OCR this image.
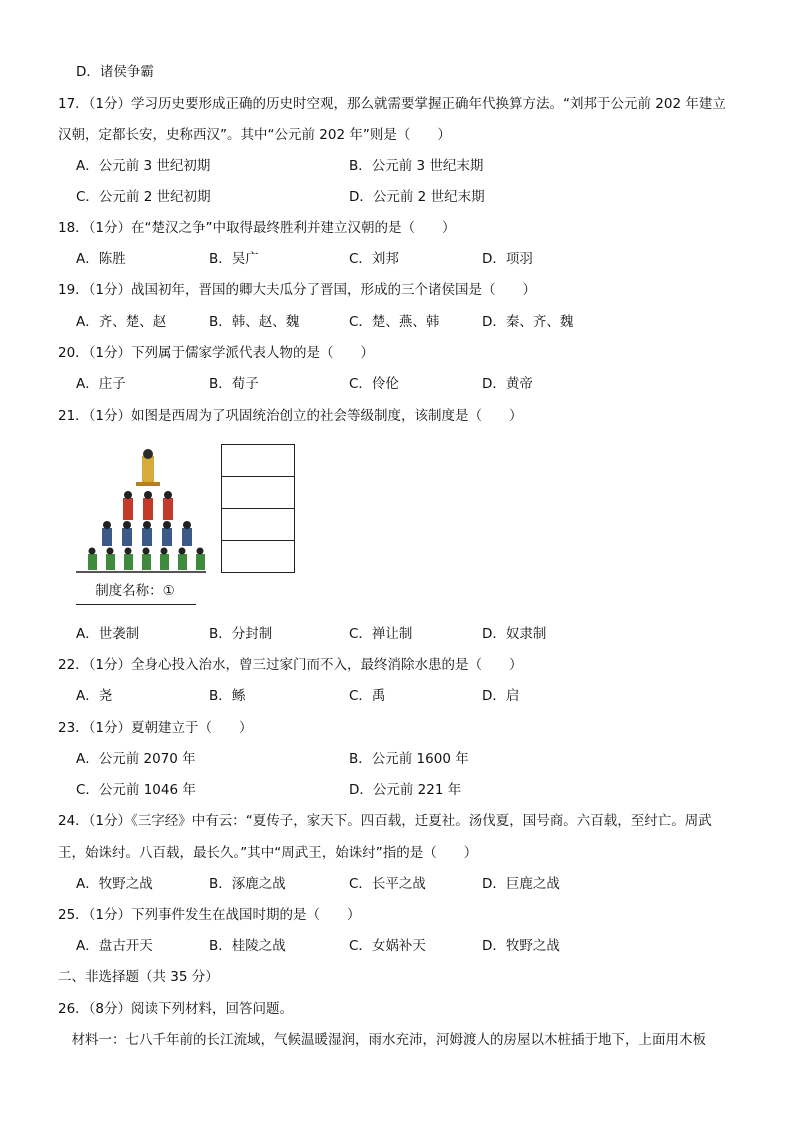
D．诸侯争霸
17．（1分）学习历史要形成正确的历史时空观，那么就需要掌握正确年代换算方法。“刘邦于公元前 202 年建立
汉朝，定都长安，史称西汉”。其中“公元前 202 年”则是（　　）
A．公元前 3 世纪初期	B．公元前 3 世纪末期
C．公元前 2 世纪初期	D．公元前 2 世纪末期
18．（1分）在“楚汉之争”中取得最终胜利并建立汉朝的是（　　）
A．陈胜	B．吴广	C．刘邦	D．项羽
19．（1分）战国初年，晋国的卿大夫瓜分了晋国，形成的三个诸侯国是（　　）
A．齐、楚、赵	B．韩、赵、魏	C．楚、燕、韩	D．秦、齐、魏
20．（1分）下列属于儒家学派代表人物的是（　　）
A．庄子	B．荀子	C．伶伦	D．黄帝
21．（1分）如图是西周为了巩固统治创立的社会等级制度，该制度是（　　）
制度名称：①
A．世袭制	B．分封制	C．禅让制	D．奴隶制
22．（1分）全身心投入治水，曾三过家门而不入，最终消除水患的是（　　）
A．尧	B．鲧	C．禹	D．启
23．（1分）夏朝建立于（　　）
A．公元前 2070 年	B．公元前 1600 年
C．公元前 1046 年	D．公元前 221 年
24．（1分）《三字经》中有云：“夏传子，家天下。四百载，迁夏社。汤伐夏，国号商。六百载，至纣亡。周武
王，始诛纣。八百载，最长久。”其中“周武王，始诛纣”指的是（　　）
A．牧野之战	B．涿鹿之战	C．长平之战	D．巨鹿之战
25．（1分）下列事件发生在战国时期的是（　　）
A．盘古开天	B．桂陵之战	C．女娲补天	D．牧野之战
二、非选择题（共 35 分）
26．（8分）阅读下列材料，回答问题。
　材料一：七八千年前的长江流域，气候温暖湿润，雨水充沛，河姆渡人的房屋以木桩插于地下，上面用木板
